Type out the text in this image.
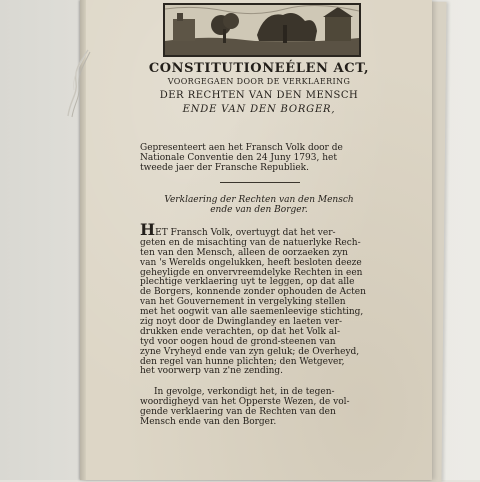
CONSTITUTIONEÉLEN ACT,
VOORGEGAEN DOOR DE VERKLAERING
DER RECHTEN VAN DEN MENSCH
ENDE VAN DEN BORGER,
Gepresenteert aen het Fransch Volk door de
Nationale Conventie den 24 Juny 1793, het
tweede jaer der Fransche Republiek.
Verklaering der Rechten van den Mensch
ende van den Borger.
HET Fransch Volk, overtuygt dat het ver-
geten en de misachting van de natuerlyke Rech-
ten van den Mensch, alleen de oorzaeken zyn
van 's Werelds ongelukken, heeft besloten deeze
geheyligde en onvervreemdelyke Rechten in een
plechtige verklaering uyt te leggen, op dat alle
de Borgers, konnende zonder ophouden de Acten
van het Gouvernement in vergelyking stellen
met het oogwit van alle saemenleevige stichting,
zig noyt door de Dwinglandey en laeten ver-
drukken ende verachten, op dat het Volk al-
tyd voor oogen houd de grond-steenen van
zyne Vryheyd ende van zyn geluk; de Overheyd,
den regel van hunne plichten; den Wetgever,
het voorwerp van z'ne zending.
In gevolge, verkondigt het, in de tegen-
woordigheyd van het Opperste Wezen, de vol-
gende verklaering van de Rechten van den
Mensch ende van den Borger.
